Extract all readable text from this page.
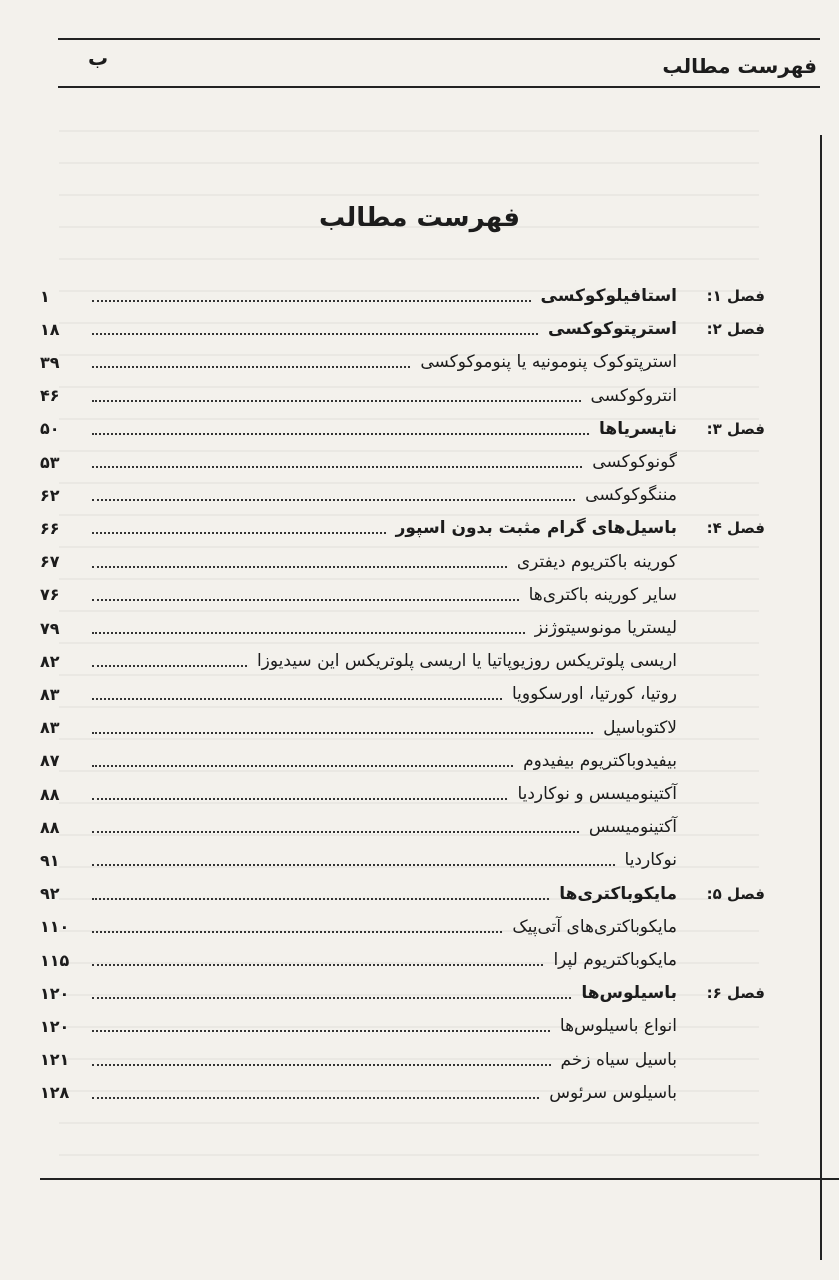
فهرست مطالب
ب
فهرست مطالب
فصل ۱:
استافیلوکوکسی
۱
فصل ۲:
استرپتوکوکسی
۱۸
استرپتوکوک پنومونیه یا پنوموکوکسی
۳۹
انتروکوکسی
۴۶
فصل ۳:
نایسریاها
۵۰
گونوکوکسی
۵۳
مننگوکوکسی
۶۲
فصل ۴:
باسیل‌های گرام مثبت بدون اسپور
۶۶
کورینه باکتریوم دیفتری
۶۷
سایر کورینه باکتری‌ها
۷۶
لیستریا مونوسیتوژنز
۷۹
اریسی پلوتریکس روزیوپاتیا یا اریسی پلوتریکس این سیدیوزا
۸۲
روتیا، کورتیا، اورسکوویا
۸۳
لاکتوباسیل
۸۳
بیفیدوباکتریوم بیفیدوم
۸۷
آکتینومیسس و نوکاردیا
۸۸
آکتینومیسس
۸۸
نوکاردیا
۹۱
فصل ۵:
مایکوباکتری‌ها
۹۲
مایکوباکتری‌های آتی‌پیک
۱۱۰
مایکوباکتریوم لپرا
۱۱۵
فصل ۶:
باسیلوس‌ها
۱۲۰
انواع باسیلوس‌ها
۱۲۰
باسیل سیاه زخم
۱۲۱
باسیلوس سرئوس
۱۲۸
